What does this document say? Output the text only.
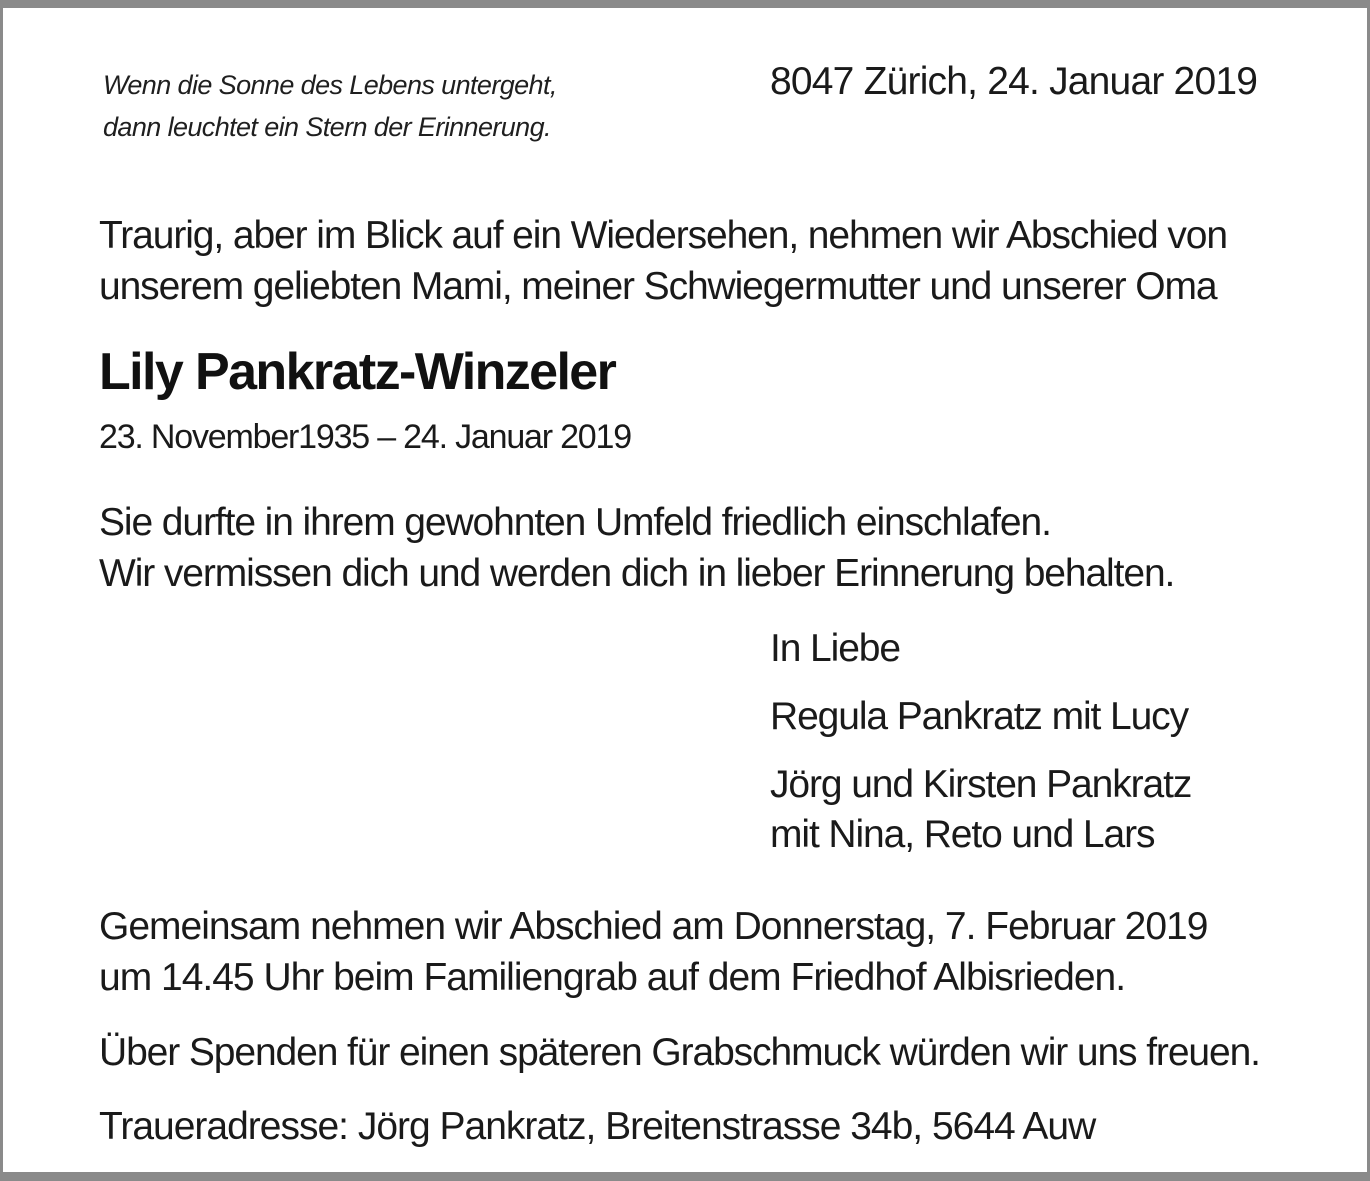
Wenn die Sonne des Lebens untergeht,
dann leuchtet ein Stern der Erinnerung.
8047 Zürich, 24. Januar 2019
Traurig, aber im Blick auf ein Wiedersehen, nehmen wir Abschied von
unserem geliebten Mami, meiner Schwiegermutter und unserer Oma
Lily Pankratz-Winzeler
23. November1935 – 24. Januar 2019
Sie durfte in ihrem gewohnten Umfeld friedlich einschlafen.
Wir vermissen dich und werden dich in lieber Erinnerung behalten.
In Liebe
Regula Pankratz mit Lucy
Jörg und Kirsten Pankratz
mit Nina, Reto und Lars
Gemeinsam nehmen wir Abschied am Donnerstag, 7. Februar 2019
um 14.45 Uhr beim Familiengrab auf dem Friedhof Albisrieden.
Über Spenden für einen späteren Grabschmuck würden wir uns freuen.
Traueradresse: Jörg Pankratz, Breitenstrasse 34b, 5644 Auw
